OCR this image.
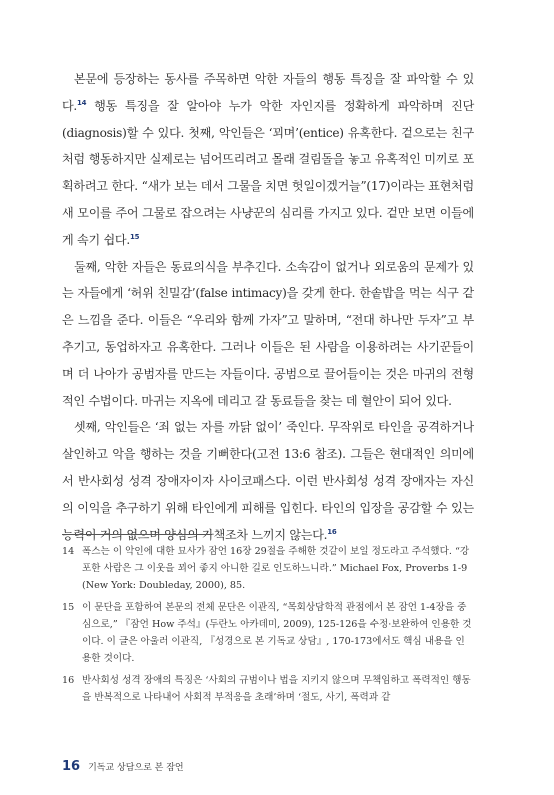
본문에 등장하는 동사를 주목하면 악한 자들의 행동 특징을 잘 파악할 수 있다.$^{14}$ 행동 특징을 잘 알아야 누가 악한 자인지를 정확하게 파악하며 진단(diagnosis)할 수 있다. 첫째, 악인들은 ‘꾀며’(entice) 유혹한다. 겉으로는 친구처럼 행동하지만 실제로는 넘어뜨리려고 몰래 걸림돌을 놓고 유혹적인 미끼로 포획하려고 한다. “새가 보는 데서 그물을 치면 헛일이겠거늘”(17)이라는 표현처럼 새 모이를 주어 그물로 잡으려는 사냥꾼의 심리를 가지고 있다. 겉만 보면 이들에게 속기 쉽다.$^{15}$

둘째, 악한 자들은 동료의식을 부추긴다. 소속감이 없거나 외로움의 문제가 있는 자들에게 ‘허위 친밀감’(false intimacy)을 갖게 한다. 한솥밥을 먹는 식구 같은 느낌을 준다. 이들은 “우리와 함께 가자”고 말하며, “전대 하나만 두자”고 부추기고, 동업하자고 유혹한다. 그러나 이들은 된 사람을 이용하려는 사기꾼들이며 더 나아가 공범자를 만드는 자들이다. 공범으로 끌어들이는 것은 마귀의 전형적인 수법이다. 마귀는 지옥에 데리고 갈 동료들을 찾는 데 혈안이 되어 있다.

셋째, 악인들은 ‘죄 없는 자를 까닭 없이’ 죽인다. 무작위로 타인을 공격하거나 살인하고 악을 행하는 것을 기뻐한다(고전 13:6 참조). 그들은 현대적인 의미에서 반사회성 성격 장애자이자 사이코패스다. 이런 반사회성 성격 장애자는 자신의 이익을 추구하기 위해 타인에게 피해를 입힌다. 타인의 입장을 공감할 수 있는 능력이 거의 없으며 양심의 가책조차 느끼지 않는다.$^{16}$

14 폭스는 이 악인에 대한 묘사가 잠언 16장 29절을 주해한 것같이 보일 정도라고 주석했다. “강포한 사람은 그 이웃을 꾀어 좋지 아니한 길로 인도하느니라.” Michael Fox, Proverbs 1-9 (New York: Doubleday, 2000), 85.
15 이 문단을 포함하여 본문의 전체 문단은 이관직, “목회상담학적 관점에서 본 잠언 1-4장을 중심으로,” 『잠언 How 주석』(두란노 아카데미, 2009), 125-126을 수정·보완하여 인용한 것이다. 이 글은 아울러 이관직, 『성경으로 본 기독교 상담』, 170-173에서도 핵심 내용을 인용한 것이다.
16 반사회성 성격 장애의 특징은 ‘사회의 규범이나 법을 지키지 않으며 무책임하고 폭력적인 행동을 반복적으로 나타내어 사회적 부적응을 초래’하며 ‘절도, 사기, 폭력과 같
16 기독교 상담으로 본 잠언
